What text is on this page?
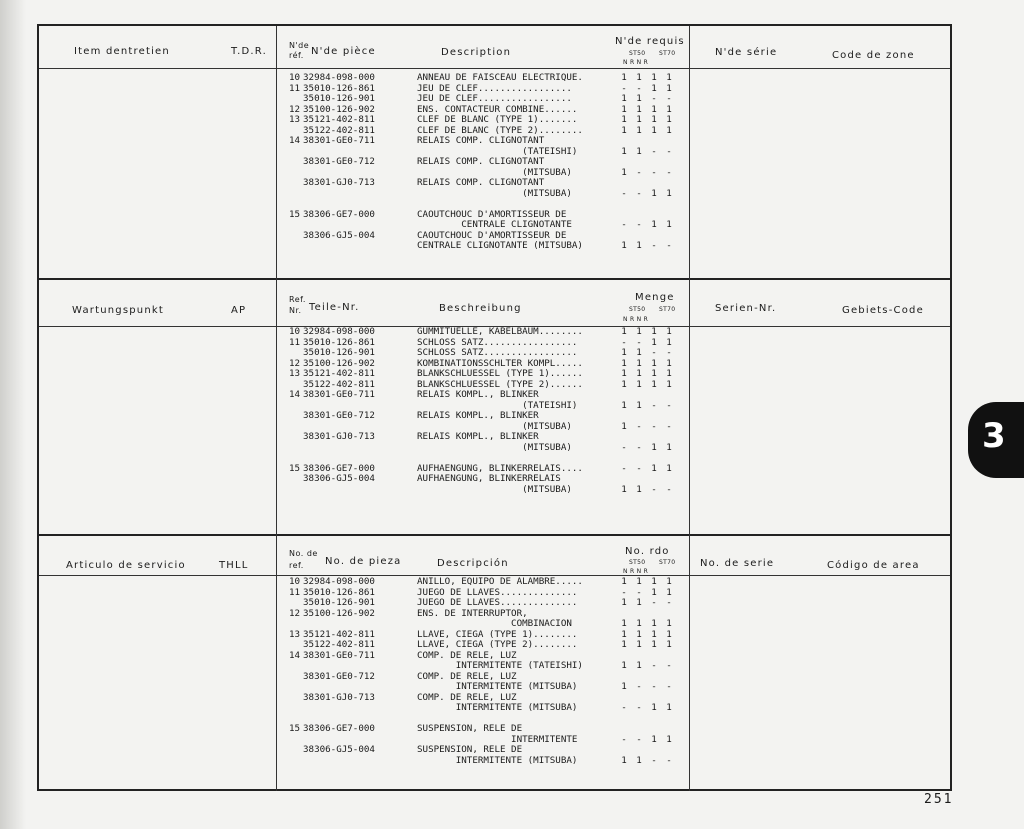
Item dentretien	T.D.R.
N'de
réf. N'de pièce	Description
N'de requis
ST50 ST70
N R N R
N'de série	Code de zone
10 32984-098-000	ANNEAU DE FAISCEAU ELECTRIQUE.	1	1	1	1
11 35010-126-861	JEU DE CLEF.................	-	-	1	1
35010-126-901	JEU DE CLEF.................	1	1	-	-
12 35100-126-902	ENS. CONTACTEUR COMBINE......	1	1	1	1
13 35121-402-811	CLEF DE BLANC (TYPE 1).......	1	1	1	1
35122-402-811	CLEF DE BLANC (TYPE 2)........	1	1	1	1
14 38301-GE0-711	RELAIS COMP. CLIGNOTANT
(TATEISHI)	1	1	-	-
38301-GE0-712	RELAIS COMP. CLIGNOTANT
(MITSUBA)	1	-	-	-
38301-GJ0-713	RELAIS COMP. CLIGNOTANT
(MITSUBA)	-	-	1	1
15 38306-GE7-000	CAOUTCHOUC D'AMORTISSEUR DE
CENTRALE CLIGNOTANTE	-	-	1	1
38306-GJ5-004	CAOUTCHOUC D'AMORTISSEUR DE
CENTRALE CLIGNOTANTE (MITSUBA)	1	1	-	-
Wartungspunkt	AP
Ref.
Nr. Teile-Nr.	Beschreibung
Menge
ST50 ST70
N R N R
Serien-Nr.	Gebiets-Code
10 32984-098-000	GUMMITUELLE, KABELBAUM........	1	1	1	1
11 35010-126-861	SCHLOSS SATZ.................	-	-	1	1
35010-126-901	SCHLOSS SATZ.................	1	1	-	-
12 35100-126-902	KOMBINATIONSSCHLTER KOMPL.....	1	1	1	1
13 35121-402-811	BLANKSCHLUESSEL (TYPE 1)......	1	1	1	1
35122-402-811	BLANKSCHLUESSEL (TYPE 2)......	1	1	1	1
14 38301-GE0-711	RELAIS KOMPL., BLINKER
(TATEISHI)	1	1	-	-
38301-GE0-712	RELAIS KOMPL., BLINKER
(MITSUBA)	1	-	-	-
38301-GJ0-713	RELAIS KOMPL., BLINKER
(MITSUBA)	-	-	1	1
15 38306-GE7-000	AUFHAENGUNG, BLINKERRELAIS....	-	-	1	1
38306-GJ5-004	AUFHAENGUNG, BLINKERRELAIS
(MITSUBA)	1	1	-	-
Articulo de servicio	THLL
No. de
ref. No. de pieza	Descripción
No. rdo
ST50 ST70
N R N R
No. de serie	Código de area
10 32984-098-000	ANILLO, EQUIPO DE ALAMBRE.....	1	1	1	1
11 35010-126-861	JUEGO DE LLAVES..............	-	-	1	1
35010-126-901	JUEGO DE LLAVES..............	1	1	-	-
12 35100-126-902	ENS. DE INTERRUPTOR,
COMBINACION	1	1	1	1
13 35121-402-811	LLAVE, CIEGA (TYPE 1)........	1	1	1	1
35122-402-811	LLAVE, CIEGA (TYPE 2)........	1	1	1	1
14 38301-GE0-711	COMP. DE RELE, LUZ
INTERMITENTE (TATEISHI)	1	1	-	-
38301-GE0-712	COMP. DE RELE, LUZ
INTERMITENTE (MITSUBA)	1	-	-	-
38301-GJ0-713	COMP. DE RELE, LUZ
INTERMITENTE (MITSUBA)	-	-	1	1
15 38306-GE7-000	SUSPENSION, RELE DE
INTERMITENTE	-	-	1	1
38306-GJ5-004	SUSPENSION, RELE DE
INTERMITENTE (MITSUBA)	1	1	-	-
3
251
